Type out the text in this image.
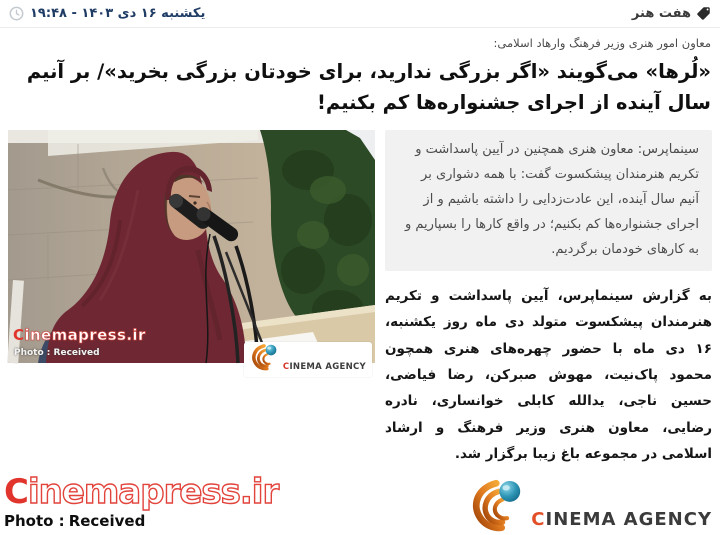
هفت هنر
یکشنبه ۱۶ دی ۱۴۰۳ - ۱۹:۴۸
معاون امور هنری وزیر فرهنگ وارهاد اسلامی:
«لُرها» می‌گویند «اگر بزرگی ندارید، برای خودتان بزرگی بخرید»/ بر آنیم سال آینده از اجرای جشنواره‌ها کم بکنیم!
سینماپرس: معاون هنری همچنین در آیین پاسداشت و تکریم هنرمندان پیشکسوت گفت: با همه دشواری بر آنیم سال آینده، این عادت‌زدایی را داشته باشیم و از اجرای جشنواره‌ها کم بکنیم؛ در واقع کارها را بسپاریم و به کارهای خودمان برگردیم.

به گزارش سینماپرس، آیین پاسداشت و تکریم هنرمندان پیشکسوت متولد دی ماه روز یکشنبه، ۱۶ دی ماه با حضور چهره‌های هنری همچون محمود پاک‌نیت، مهوش صبرکن، رضا فیاضی، حسین ناجی، یدالله کابلی خوانساری، نادره رضایی، معاون هنری وزیر فرهنگ و ارشاد اسلامی در مجموعه باغ زیبا برگزار شد.

Cinemapress.ir
Photo : Received
CINEMA AGENCY
Cinemapress.ir
Photo : Received	CINEMA AGENCY
